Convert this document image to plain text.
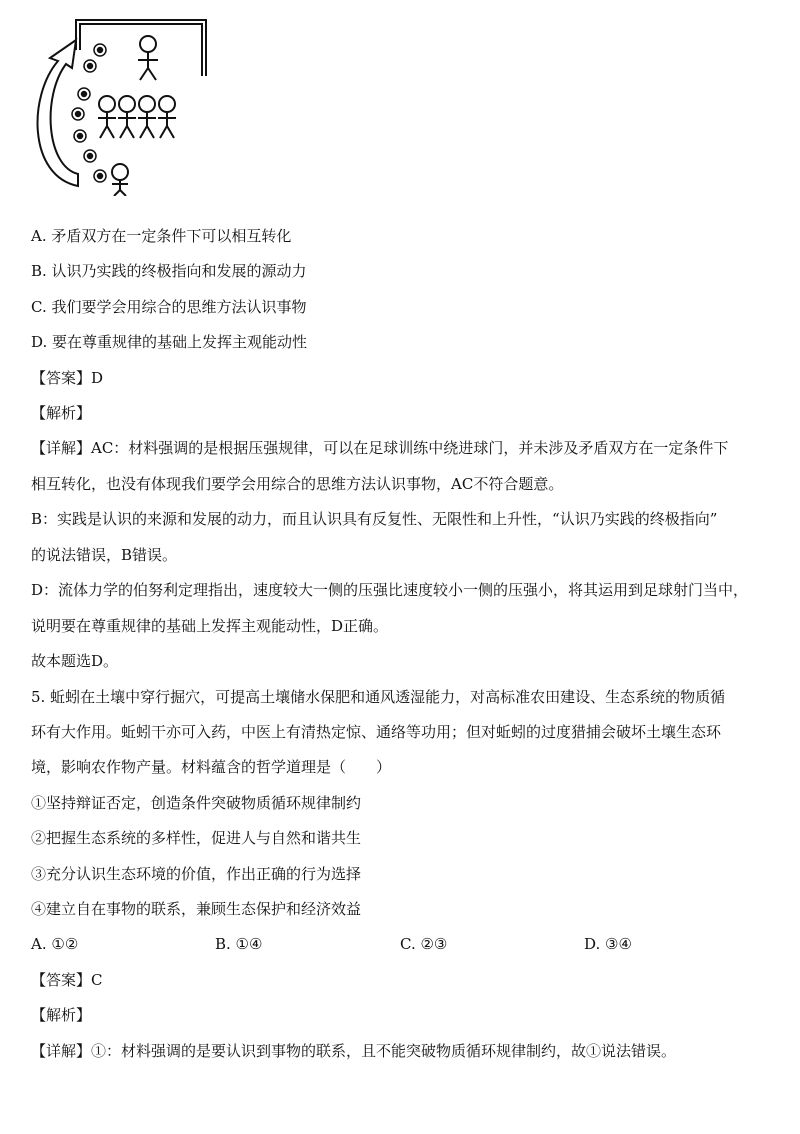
A. 矛盾双方在一定条件下可以相互转化
B. 认识乃实践的终极指向和发展的源动力
C. 我们要学会用综合的思维方法认识事物
D. 要在尊重规律的基础上发挥主观能动性
【答案】D
【解析】
【详解】AC：材料强调的是根据压强规律，可以在足球训练中绕进球门，并未涉及矛盾双方在一定条件下
相互转化，也没有体现我们要学会用综合的思维方法认识事物，AC不符合题意。
B：实践是认识的来源和发展的动力，而且认识具有反复性、无限性和上升性，“认识乃实践的终极指向”
的说法错误，B错误。
D：流体力学的伯努利定理指出，速度较大一侧的压强比速度较小一侧的压强小，将其运用到足球射门当中，
说明要在尊重规律的基础上发挥主观能动性，D正确。
故本题选D。
5. 蚯蚓在土壤中穿行掘穴，可提高土壤储水保肥和通风透湿能力，对高标准农田建设、生态系统的物质循
环有大作用。蚯蚓干亦可入药，中医上有清热定惊、通络等功用；但对蚯蚓的过度猎捕会破坏土壤生态环
境，影响农作物产量。材料蕴含的哲学道理是（　　）
①坚持辩证否定，创造条件突破物质循环规律制约
②把握生态系统的多样性，促进人与自然和谐共生
③充分认识生态环境的价值，作出正确的行为选择
④建立自在事物的联系，兼顾生态保护和经济效益
A. ①②	B. ①④	C. ②③	D. ③④
【答案】C
【解析】
【详解】①：材料强调的是要认识到事物的联系，且不能突破物质循环规律制约，故①说法错误。
